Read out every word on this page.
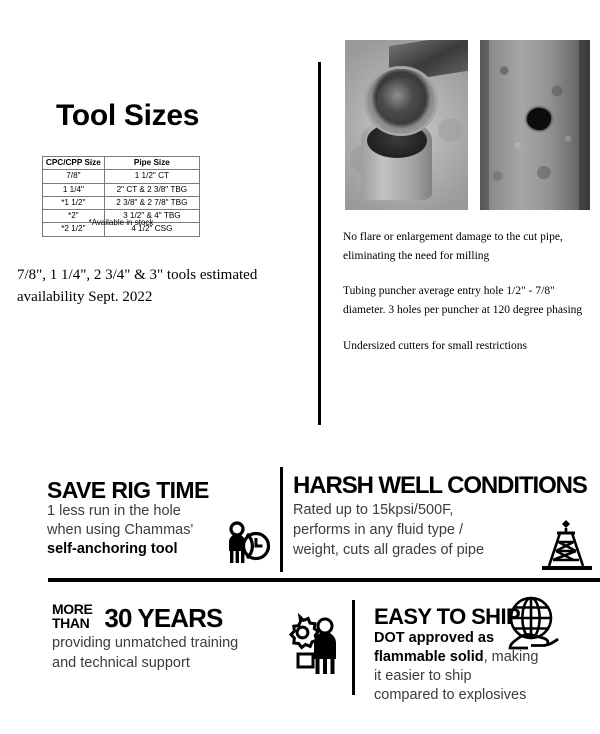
Tool Sizes
CPC/CPP Size	Pipe Size
7/8"	1 1/2" CT
1 1/4"	2" CT & 2 3/8" TBG
*1 1/2"	2 3/8" & 2 7/8" TBG
*2"	3 1/2" & 4" TBG
*2 1/2"	4 1/2" CSG
*Available in stock
7/8", 1 1/4", 2 3/4" & 3" tools estimated availability Sept. 2022

No flare or enlargement damage to the cut pipe, eliminating the need for milling

Tubing puncher average entry hole 1/2" - 7/8" diameter. 3 holes per puncher at 120 degree phasing

Undersized cutters for small restrictions

SAVE RIG TIME
1 less run in the hole
when using Chammas'
self-anchoring tool
HARSH WELL CONDITIONS
Rated up to 15kpsi/500F,
performs in any fluid type /
weight, cuts all grades of pipe
MORE
THAN 30 YEARS
providing unmatched training
and technical support
EASY TO SHIP
DOT approved as
flammable solid, making
it easier to ship
compared to explosives
